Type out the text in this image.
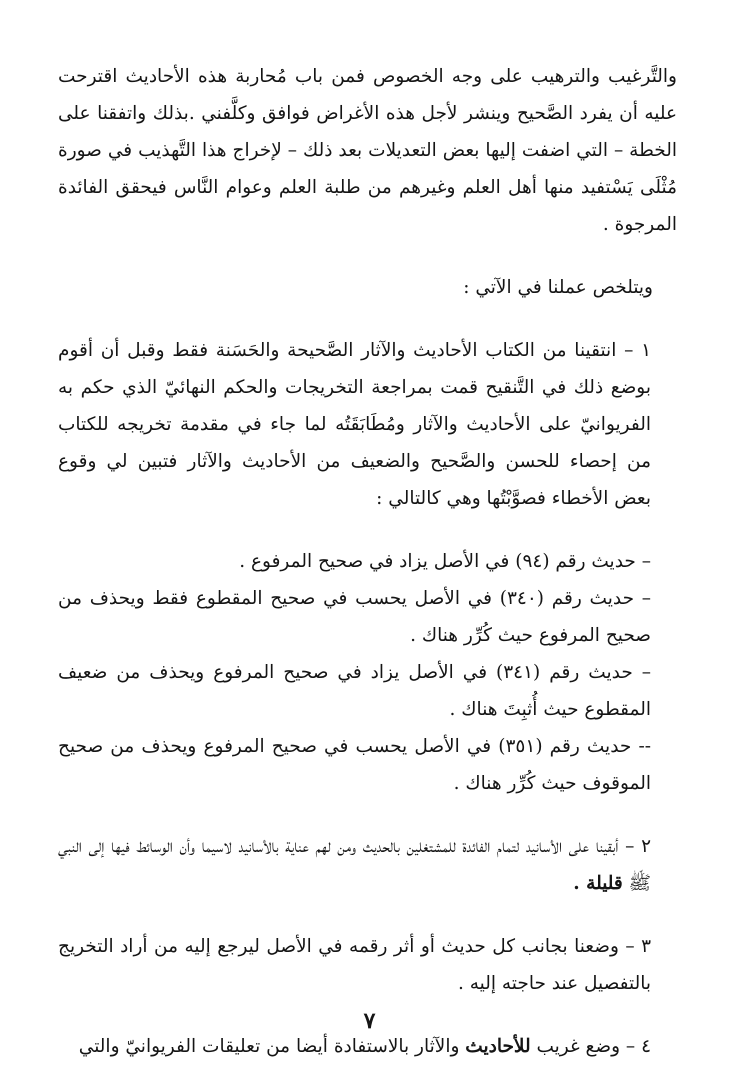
والتَّرغيب والترهيب على وجه الخصوص فمن باب مُحاربة هذه الأحاديث اقترحت عليه أن يفرد الصَّحيح وينشر لأجل هذه الأغراض فوافق وكلَّفني .بذلك واتفقنا على الخطة – التي اضفت إليها بعض التعديلات بعد ذلك – لإخراج هذا التَّهذيب في صورة مُثْلَى يَسْتفيد منها أهل العلم وغيرهم من طلبة العلم وعوام النَّاس فيحقق الفائدة المرجوة .

ويتلخص عملنا في الآتي :

١ – انتقينا من الكتاب الأحاديث والآثار الصَّحيحة والحَسَنة فقط وقبل أن أقوم بوضع ذلك في التَّنقيح قمت بمراجعة التخريجات والحكم النهائيّ الذي حكم به الفريوانيّ على الأحاديث والآثار ومُطَابَقَتُه لما جاء في مقدمة تخريجه للكتاب من إحصاء للحسن والصَّحيح والضعيف من الأحاديث والآثار فتبين لي وقوع بعض الأخطاء فصوَّبْتُها وهي كالتالي :

– حديث رقم (٩٤) في الأصل يزاد في صحيح المرفوع .

– حديث رقم (٣٤٠) في الأصل يحسب في صحيح المقطوع فقط ويحذف من صحيح المرفوع حيث كُرِّر هناك .

– حديث رقم (٣٤١) في الأصل يزاد في صحيح المرفوع ويحذف من ضعيف المقطوع حيث أُثبِتَ هناك .

-- حديث رقم (٣٥١) في الأصل يحسب في صحيح المرفوع ويحذف من صحيح الموقوف حيث كُرِّر هناك .

٢ – أبقينا على الأسانيد لتمام الفائدة للمشتغلين بالحديث ومن لهم عناية بالأسانيد لاسيما وأن الوسائط فيها إلى النبي ﷺ قليلة .

٣ – وضعنا بجانب كل حديث أو أثر رقمه في الأصل ليرجع إليه من أراد التخريج بالتفصيل عند حاجته إليه .

٤ – وضع غريب للأحاديث والآثار بالاستفادة أيضا من تعليقات الفريوانيّ والتي

٧
